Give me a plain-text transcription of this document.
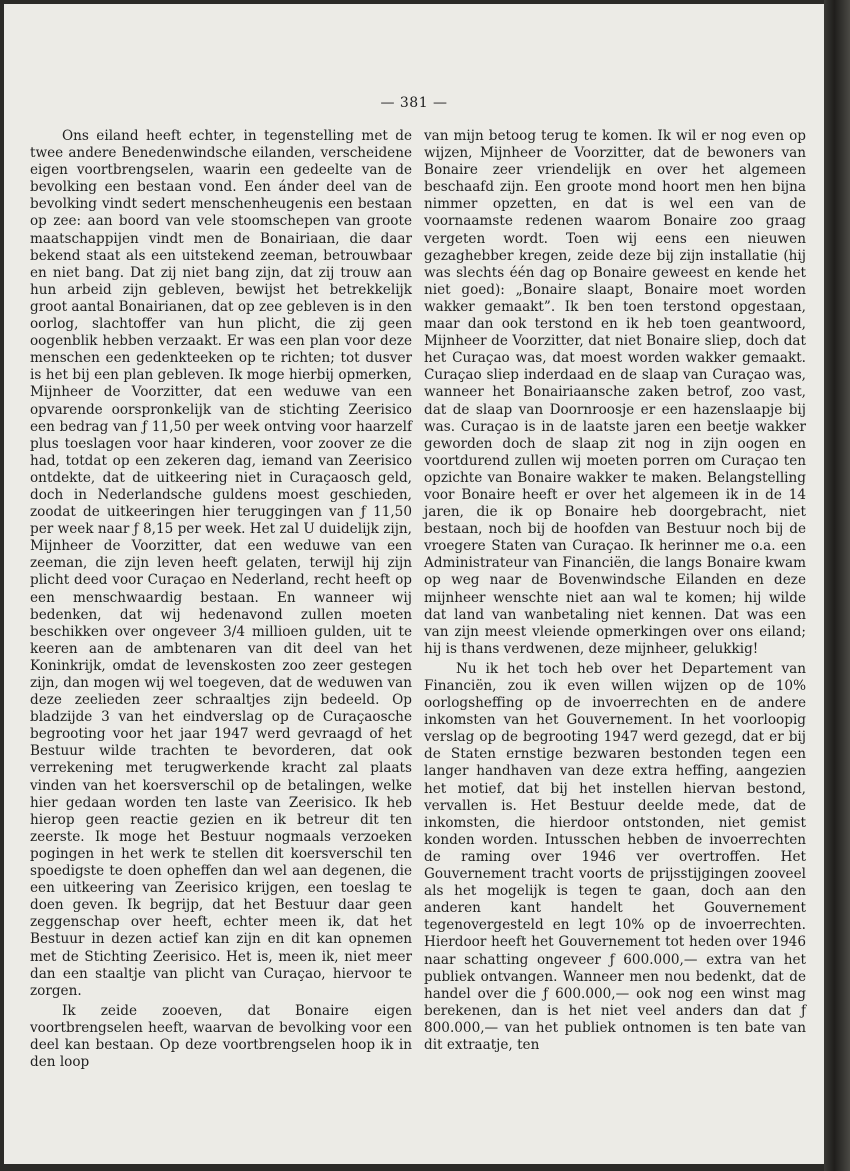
— 381 —

Ons eiland heeft echter, in tegenstelling met de twee andere Benedenwindsche eilanden, verscheidene eigen voortbrengselen, waarin een gedeelte van de bevolking een bestaan vond. Een ánder deel van de bevolking vindt sedert menschenheugenis een bestaan op zee: aan boord van vele stoomschepen van groote maatschappijen vindt men de Bonairiaan, die daar bekend staat als een uitstekend zeeman, betrouwbaar en niet bang. Dat zij niet bang zijn, dat zij trouw aan hun arbeid zijn gebleven, bewijst het betrekkelijk groot aantal Bonairianen, dat op zee gebleven is in den oorlog, slachtoffer van hun plicht, die zij geen oogenblik hebben verzaakt. Er was een plan voor deze menschen een gedenkteeken op te richten; tot dusver is het bij een plan gebleven. Ik moge hierbij opmerken, Mijnheer de Voorzitter, dat een weduwe van een opvarende oorspronkelijk van de stichting Zeerisico een bedrag van ƒ 11,50 per week ontving voor haarzelf plus toeslagen voor haar kinderen, voor zoover ze die had, totdat op een zekeren dag, iemand van Zeerisico ontdekte, dat de uitkeering niet in Curaçaosch geld, doch in Nederlandsche guldens moest geschieden, zoodat de uitkeeringen hier teruggingen van ƒ 11,50 per week naar ƒ 8,15 per week. Het zal U duidelijk zijn, Mijnheer de Voorzitter, dat een weduwe van een zeeman, die zijn leven heeft gelaten, terwijl hij zijn plicht deed voor Curaçao en Nederland, recht heeft op een menschwaardig bestaan. En wanneer wij bedenken, dat wij hedenavond zullen moeten beschikken over ongeveer 3/4 millioen gulden, uit te keeren aan de ambtenaren van dit deel van het Koninkrijk, omdat de levenskosten zoo zeer gestegen zijn, dan mogen wij wel toegeven, dat de weduwen van deze zeelieden zeer schraaltjes zijn bedeeld. Op bladzijde 3 van het eindverslag op de Curaçaosche begrooting voor het jaar 1947 werd gevraagd of het Bestuur wilde trachten te bevorderen, dat ook verrekening met terugwerkende kracht zal plaats vinden van het koersverschil op de betalingen, welke hier gedaan worden ten laste van Zeerisico. Ik heb hierop geen reactie gezien en ik betreur dit ten zeerste. Ik moge het Bestuur nogmaals verzoeken pogingen in het werk te stellen dit koersverschil ten spoedigste te doen opheffen dan wel aan degenen, die een uitkeering van Zeerisico krijgen, een toeslag te doen geven. Ik begrijp, dat het Bestuur daar geen zeggenschap over heeft, echter meen ik, dat het Bestuur in dezen actief kan zijn en dit kan opnemen met de Stichting Zeerisico. Het is, meen ik, niet meer dan een staaltje van plicht van Curaçao, hiervoor te zorgen.

Ik zeide zooeven, dat Bonaire eigen voortbrengselen heeft, waarvan de bevolking voor een deel kan bestaan. Op deze voortbrengselen hoop ik in den loop

van mijn betoog terug te komen. Ik wil er nog even op wijzen, Mijnheer de Voorzitter, dat de bewoners van Bonaire zeer vriendelijk en over het algemeen beschaafd zijn. Een groote mond hoort men hen bijna nimmer opzetten, en dat is wel een van de voornaamste redenen waarom Bonaire zoo graag vergeten wordt. Toen wij eens een nieuwen gezaghebber kregen, zeide deze bij zijn installatie (hij was slechts één dag op Bonaire geweest en kende het niet goed): „Bonaire slaapt, Bonaire moet worden wakker gemaakt”. Ik ben toen terstond opgestaan, maar dan ook terstond en ik heb toen geantwoord, Mijnheer de Voorzitter, dat niet Bonaire sliep, doch dat het Curaçao was, dat moest worden wakker gemaakt. Curaçao sliep inderdaad en de slaap van Curaçao was, wanneer het Bonairiaansche zaken betrof, zoo vast, dat de slaap van Doornroosje er een hazenslaapje bij was. Curaçao is in de laatste jaren een beetje wakker geworden doch de slaap zit nog in zijn oogen en voortdurend zullen wij moeten porren om Curaçao ten opzichte van Bonaire wakker te maken. Belangstelling voor Bonaire heeft er over het algemeen ik in de 14 jaren, die ik op Bonaire heb doorgebracht, niet bestaan, noch bij de hoofden van Bestuur noch bij de vroegere Staten van Curaçao. Ik herinner me o.a. een Administrateur van Financiën, die langs Bonaire kwam op weg naar de Bovenwindsche Eilanden en deze mijnheer wenschte niet aan wal te komen; hij wilde dat land van wanbetaling niet kennen. Dat was een van zijn meest vleiende opmerkingen over ons eiland; hij is thans verdwenen, deze mijnheer, gelukkig!

Nu ik het toch heb over het Departement van Financiën, zou ik even willen wijzen op de 10% oorlogsheffing op de invoerrechten en de andere inkomsten van het Gouvernement. In het voorloopig verslag op de begrooting 1947 werd gezegd, dat er bij de Staten ernstige bezwaren bestonden tegen een langer handhaven van deze extra heffing, aangezien het motief, dat bij het instellen hiervan bestond, vervallen is. Het Bestuur deelde mede, dat de inkomsten, die hierdoor ontstonden, niet gemist konden worden. Intusschen hebben de invoerrechten de raming over 1946 ver overtroffen. Het Gouvernement tracht voorts de prijsstijgingen zooveel als het mogelijk is tegen te gaan, doch aan den anderen kant handelt het Gouvernement tegenovergesteld en legt 10% op de invoerrechten. Hierdoor heeft het Gouvernement tot heden over 1946 naar schatting ongeveer ƒ 600.000,— extra van het publiek ontvangen. Wanneer men nou bedenkt, dat de handel over die ƒ 600.000,— ook nog een winst mag berekenen, dan is het niet veel anders dan dat ƒ 800.000,— van het publiek ontnomen is ten bate van dit extraatje, ten
